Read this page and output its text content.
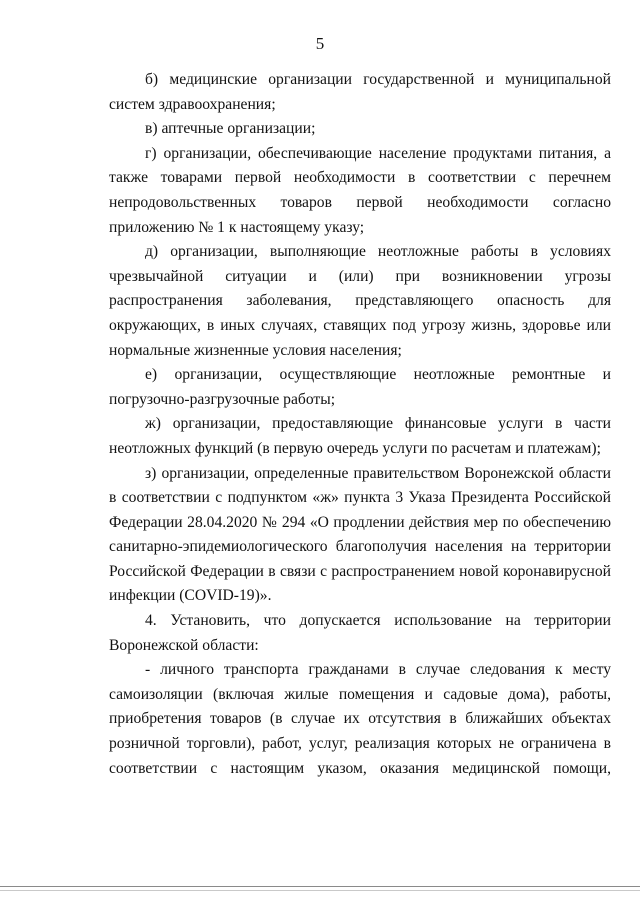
5

б) медицинские организации государственной и муниципальной систем здравоохранения;

в) аптечные организации;

г) организации, обеспечивающие население продуктами питания, а также товарами первой необходимости в соответствии с перечнем непродовольственных товаров первой необходимости согласно приложению № 1 к настоящему указу;

д) организации, выполняющие неотложные работы в условиях чрезвычайной ситуации и (или) при возникновении угрозы распространения заболевания, представляющего опасность для окружающих, в иных случаях, ставящих под угрозу жизнь, здоровье или нормальные жизненные условия населения;

е) организации, осуществляющие неотложные ремонтные и погрузочно-разгрузочные работы;

ж) организации, предоставляющие финансовые услуги в части неотложных функций (в первую очередь услуги по расчетам и платежам);

з) организации, определенные правительством Воронежской области в соответствии с подпунктом «ж» пункта 3 Указа Президента Российской Федерации 28.04.2020 № 294 «О продлении действия мер по обеспечению санитарно-эпидемиологического благополучия населения на территории Российской Федерации в связи с распространением новой коронавирусной инфекции (COVID-19)».

4. Установить, что допускается использование на территории Воронежской области:

- личного транспорта гражданами в случае следования к месту самоизоляции (включая жилые помещения и садовые дома), работы, приобретения товаров (в случае их отсутствия в ближайших объектах розничной торговли), работ, услуг, реализация которых не ограничена в соответствии с настоящим указом, оказания медицинской помощи,
